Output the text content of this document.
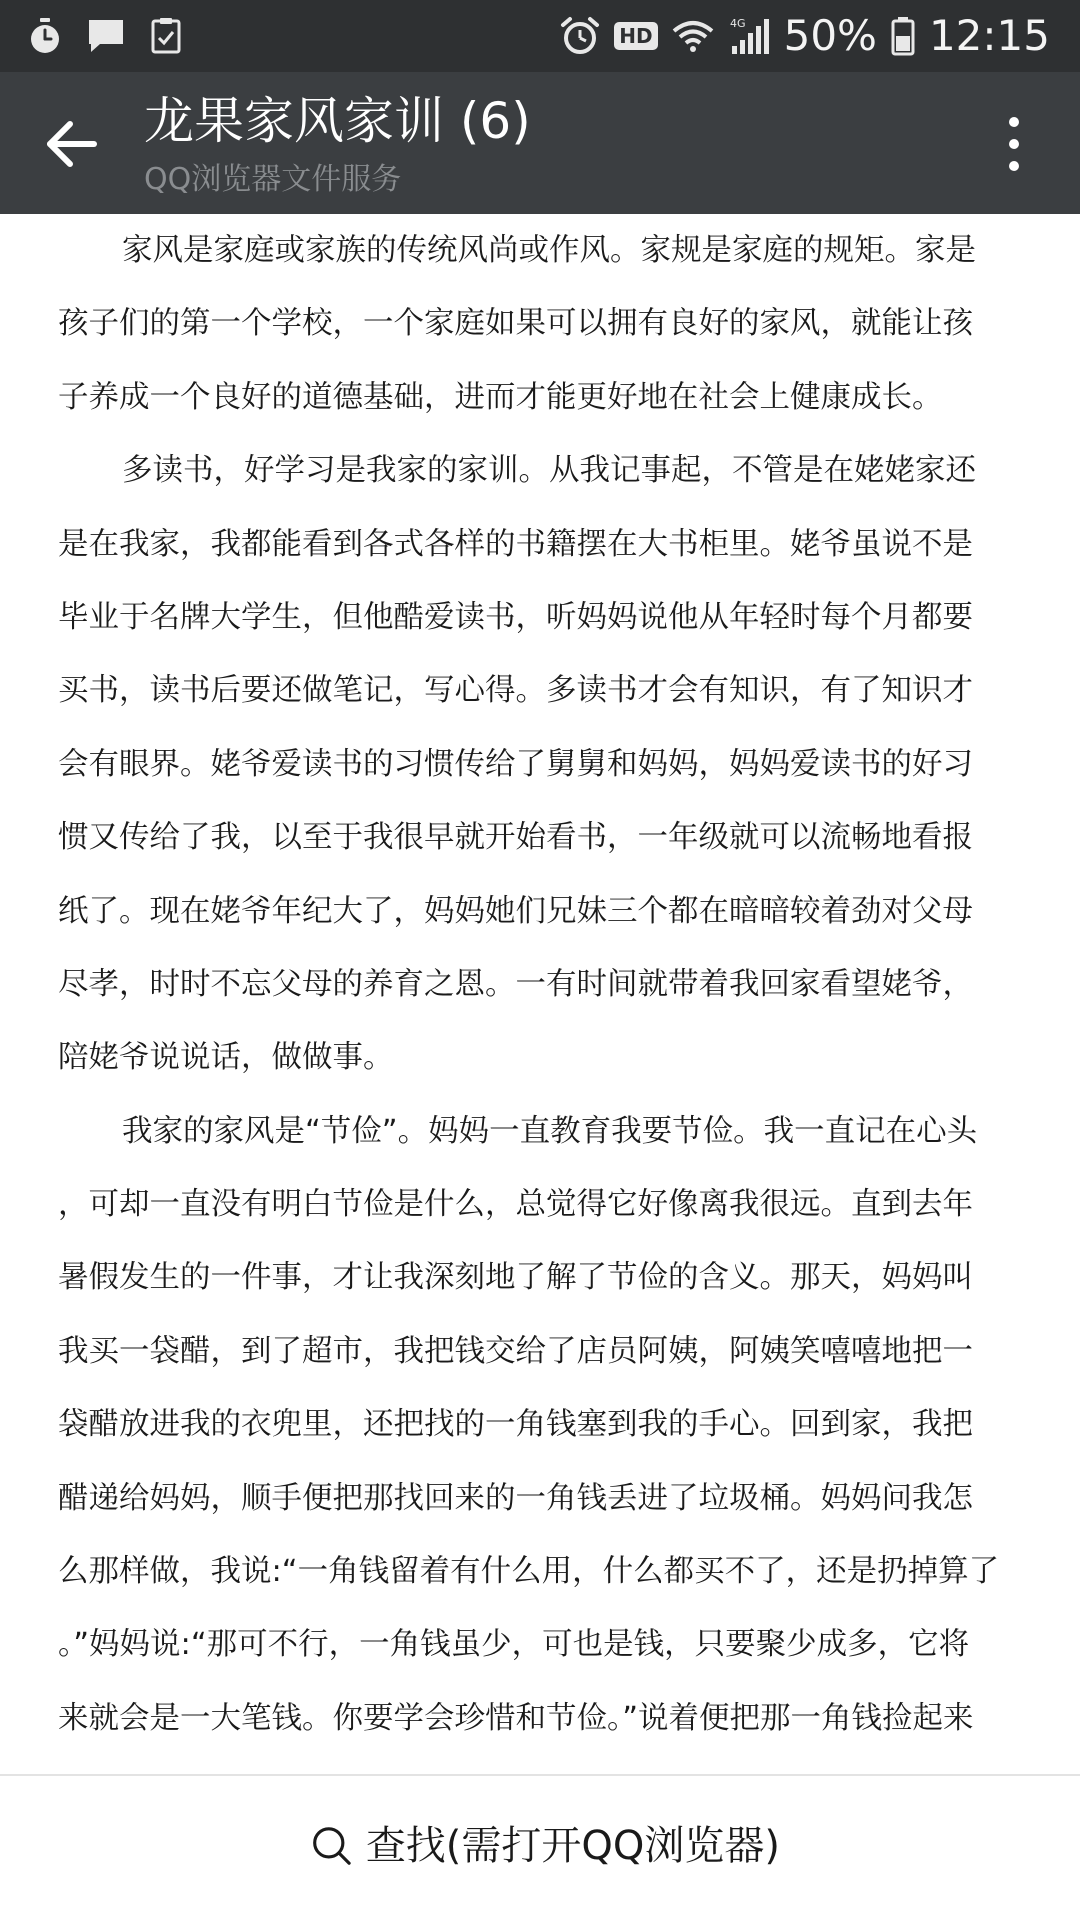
HD
4G 50% 12:15
龙果家风家训 (6)
QQ浏览器文件服务
家风是家庭或家族的传统风尚或作风。家规是家庭的规矩。家是
孩子们的第一个学校，一个家庭如果可以拥有良好的家风，就能让孩
子养成一个良好的道德基础，进而才能更好地在社会上健康成长。
多读书，好学习是我家的家训。从我记事起，不管是在姥姥家还
是在我家，我都能看到各式各样的书籍摆在大书柜里。姥爷虽说不是
毕业于名牌大学生，但他酷爱读书，听妈妈说他从年轻时每个月都要
买书，读书后要还做笔记，写心得。多读书才会有知识，有了知识才
会有眼界。姥爷爱读书的习惯传给了舅舅和妈妈，妈妈爱读书的好习
惯又传给了我，以至于我很早就开始看书，一年级就可以流畅地看报
纸了。现在姥爷年纪大了，妈妈她们兄妹三个都在暗暗较着劲对父母
尽孝，时时不忘父母的养育之恩。一有时间就带着我回家看望姥爷，
陪姥爷说说话，做做事。
我家的家风是“节俭”。妈妈一直教育我要节俭。我一直记在心头
，可却一直没有明白节俭是什么，总觉得它好像离我很远。直到去年
暑假发生的一件事，才让我深刻地了解了节俭的含义。那天，妈妈叫
我买一袋醋，到了超市，我把钱交给了店员阿姨，阿姨笑嘻嘻地把一
袋醋放进我的衣兜里，还把找的一角钱塞到我的手心。回到家，我把
醋递给妈妈，顺手便把那找回来的一角钱丢进了垃圾桶。妈妈问我怎
么那样做，我说:“一角钱留着有什么用，什么都买不了，还是扔掉算了
。”妈妈说:“那可不行，一角钱虽少，可也是钱，只要聚少成多，它将
来就会是一大笔钱。你要学会珍惜和节俭。”说着便把那一角钱捡起来
查找(需打开QQ浏览器)
